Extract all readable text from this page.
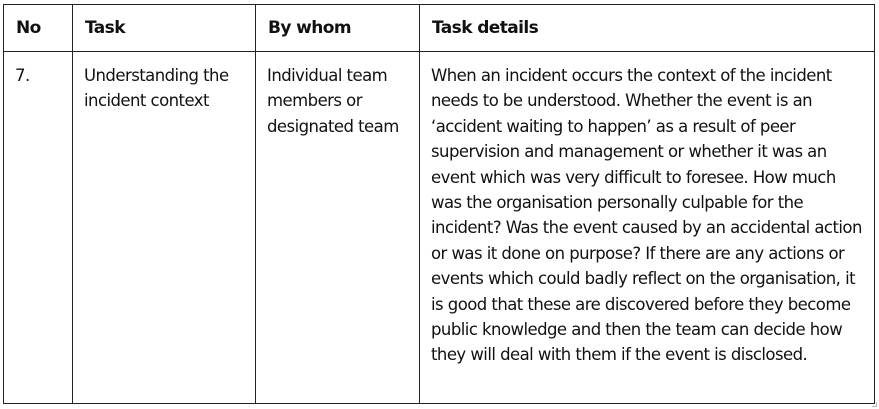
No	Task	By whom	Task details
7.	Understanding the incident context	Individual team members or designated team	When an incident occurs the context of the incident needs to be understood. Whether the event is an ‘accident waiting to happen’ as a result of peer supervision and management or whether it was an event which was very difficult to foresee. How much was the organisation personally culpable for the incident? Was the event caused by an accidental action or was it done on purpose? If there are any actions or events which could badly reflect on the organisation, it is good that these are discovered before they become public knowledge and then the team can decide how they will deal with them if the event is disclosed.
